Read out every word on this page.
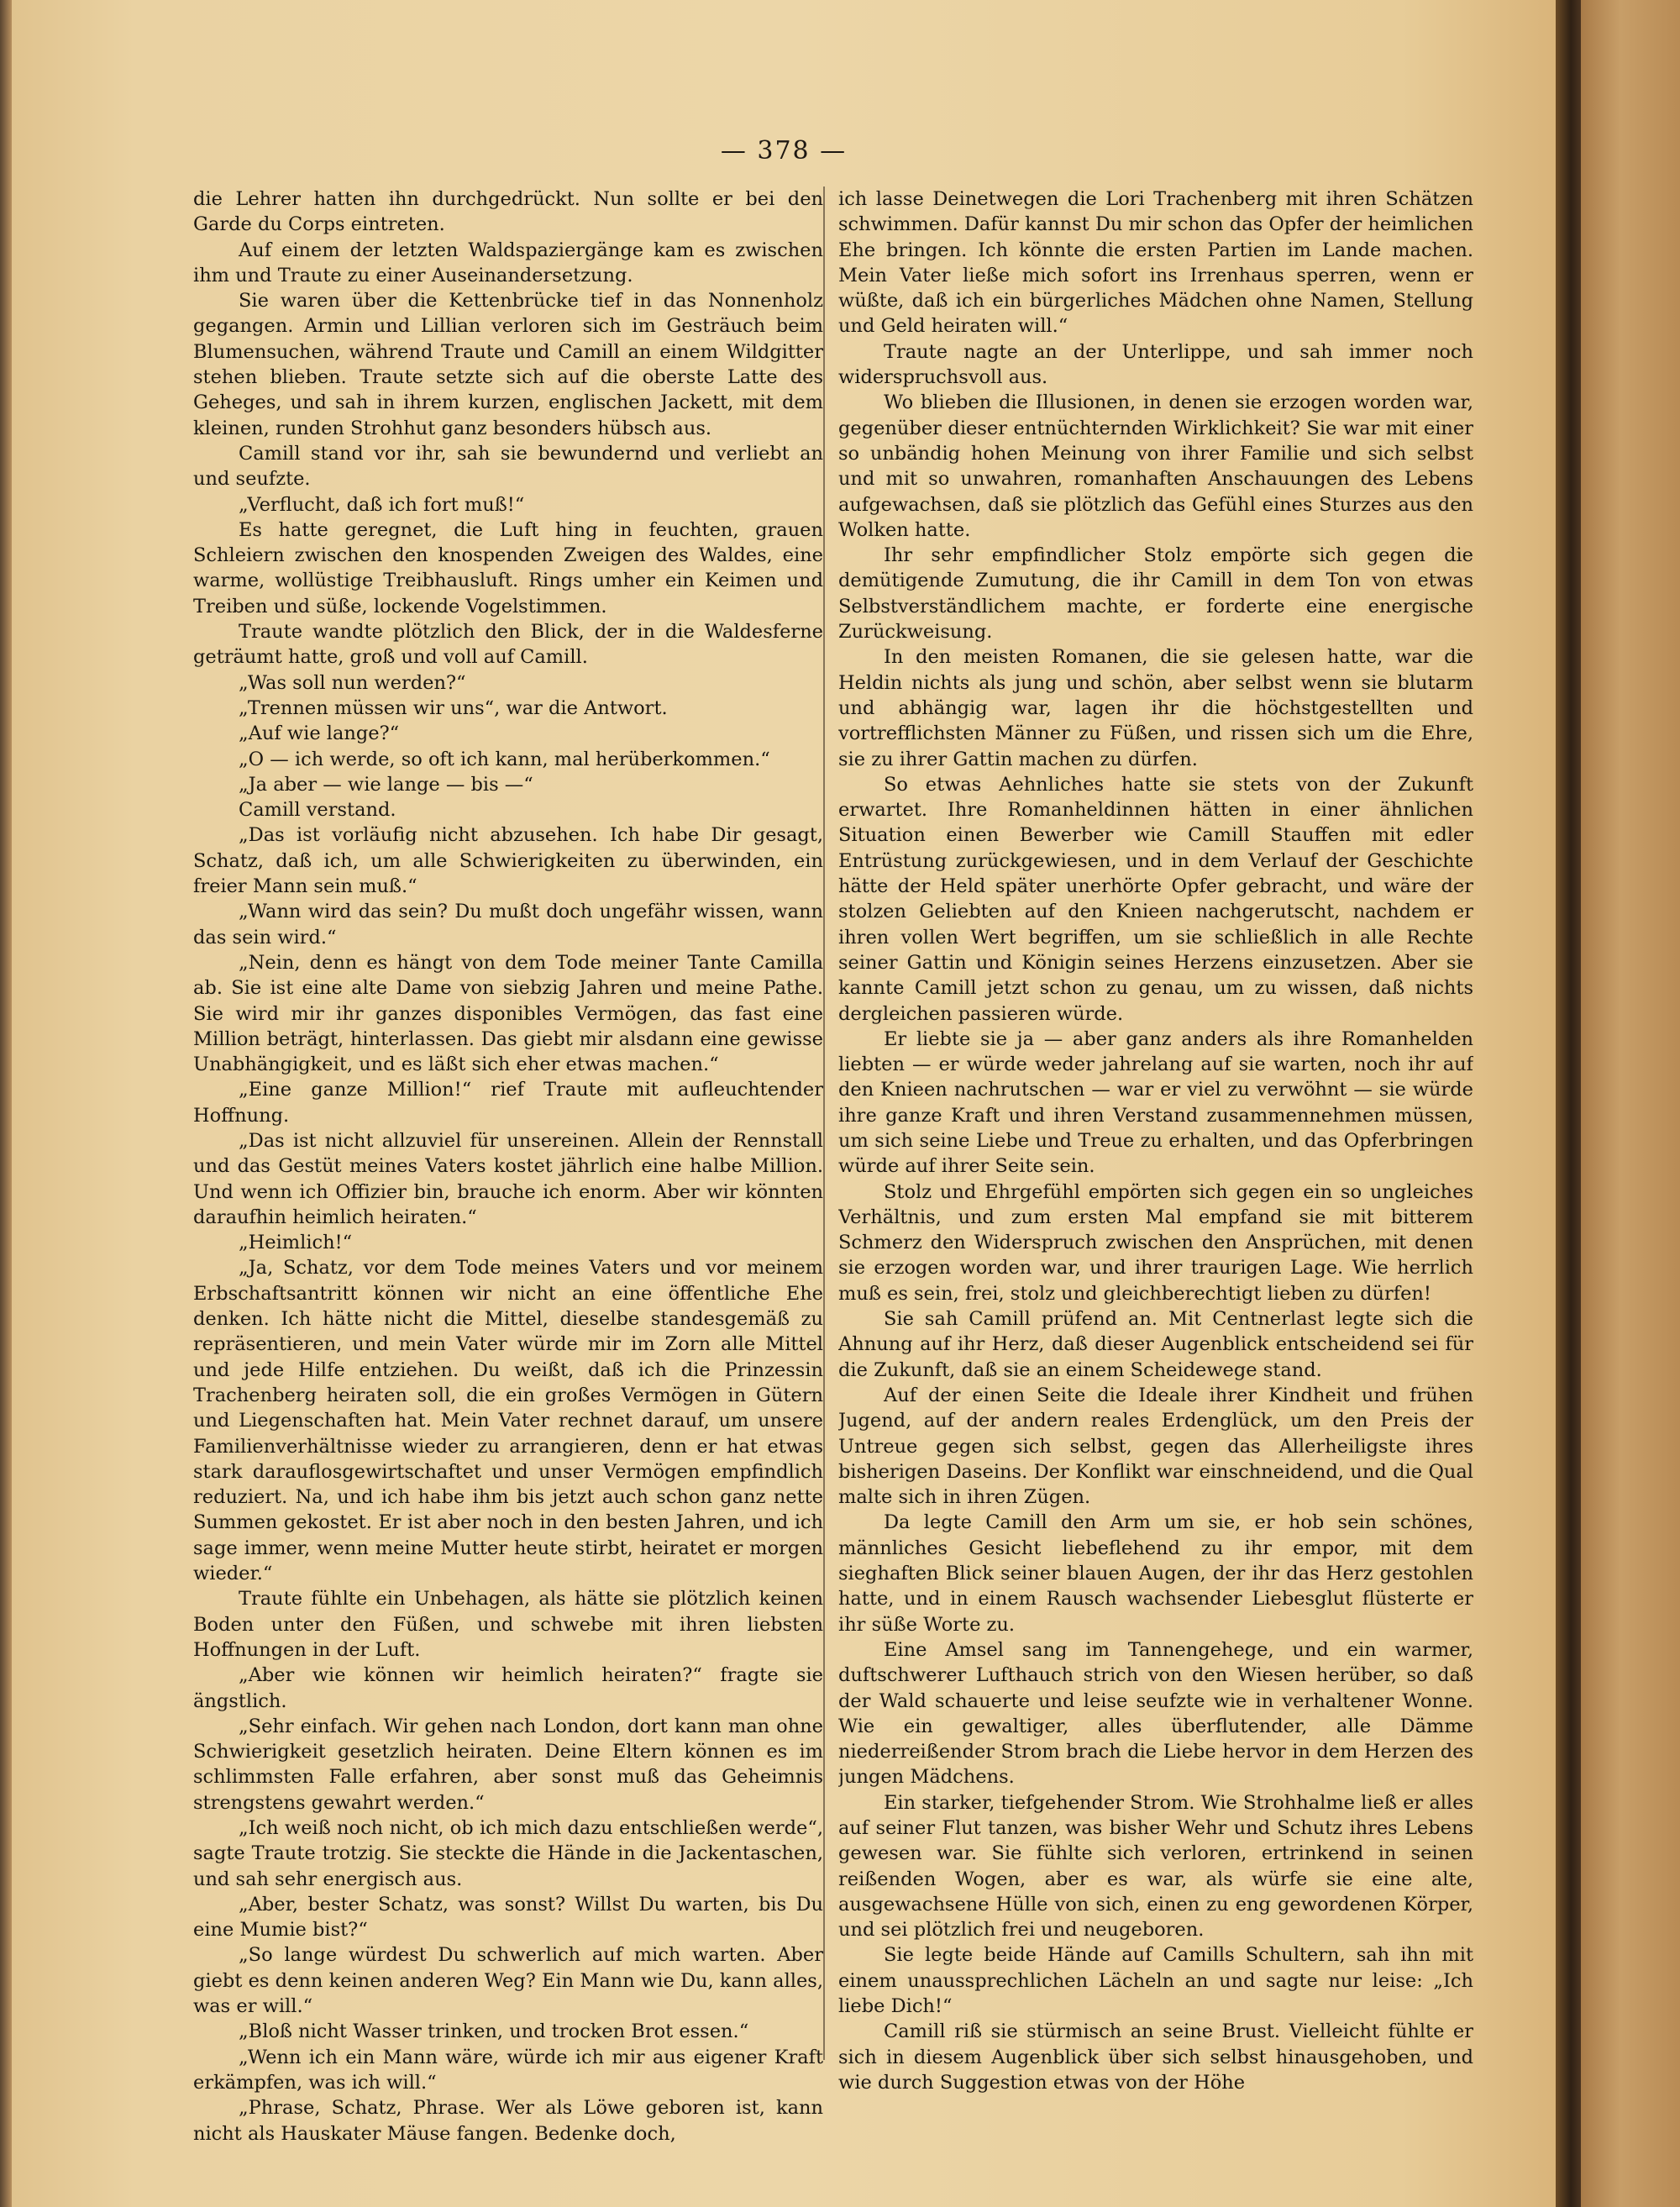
— 378 —

die Lehrer hatten ihn durchgedrückt. Nun sollte er bei den Garde du Corps eintreten.

Auf einem der letzten Waldspaziergänge kam es zwischen ihm und Traute zu einer Auseinandersetzung.

Sie waren über die Kettenbrücke tief in das Nonnenholz gegangen. Armin und Lillian verloren sich im Gesträuch beim Blumensuchen, während Traute und Camill an einem Wildgitter stehen blieben. Traute setzte sich auf die oberste Latte des Geheges, und sah in ihrem kurzen, englischen Jackett, mit dem kleinen, runden Strohhut ganz besonders hübsch aus.

Camill stand vor ihr, sah sie bewundernd und verliebt an und seufzte.

„Verflucht, daß ich fort muß!“

Es hatte geregnet, die Luft hing in feuchten, grauen Schleiern zwischen den knospenden Zweigen des Waldes, eine warme, wollüstige Treibhausluft. Rings umher ein Keimen und Treiben und süße, lockende Vogelstimmen.

Traute wandte plötzlich den Blick, der in die Waldesferne geträumt hatte, groß und voll auf Camill.

„Was soll nun werden?“

„Trennen müssen wir uns“, war die Antwort.

„Auf wie lange?“

„O — ich werde, so oft ich kann, mal herüberkommen.“

„Ja aber — wie lange — bis —“

Camill verstand.

„Das ist vorläufig nicht abzusehen. Ich habe Dir gesagt, Schatz, daß ich, um alle Schwierigkeiten zu überwinden, ein freier Mann sein muß.“

„Wann wird das sein? Du mußt doch ungefähr wissen, wann das sein wird.“

„Nein, denn es hängt von dem Tode meiner Tante Camilla ab. Sie ist eine alte Dame von siebzig Jahren und meine Pathe. Sie wird mir ihr ganzes disponibles Vermögen, das fast eine Million beträgt, hinterlassen. Das giebt mir alsdann eine gewisse Unabhängigkeit, und es läßt sich eher etwas machen.“

„Eine ganze Million!“ rief Traute mit aufleuchtender Hoffnung.

„Das ist nicht allzuviel für unsereinen. Allein der Rennstall und das Gestüt meines Vaters kostet jährlich eine halbe Million. Und wenn ich Offizier bin, brauche ich enorm. Aber wir könnten daraufhin heimlich heiraten.“

„Heimlich!“

„Ja, Schatz, vor dem Tode meines Vaters und vor meinem Erbschaftsantritt können wir nicht an eine öffentliche Ehe denken. Ich hätte nicht die Mittel, dieselbe standesgemäß zu repräsentieren, und mein Vater würde mir im Zorn alle Mittel und jede Hilfe entziehen. Du weißt, daß ich die Prinzessin Trachenberg heiraten soll, die ein großes Vermögen in Gütern und Liegenschaften hat. Mein Vater rechnet darauf, um unsere Familienverhältnisse wieder zu arrangieren, denn er hat etwas stark darauflosgewirtschaftet und unser Vermögen empfindlich reduziert. Na, und ich habe ihm bis jetzt auch schon ganz nette Summen gekostet. Er ist aber noch in den besten Jahren, und ich sage immer, wenn meine Mutter heute stirbt, heiratet er morgen wieder.“

Traute fühlte ein Unbehagen, als hätte sie plötzlich keinen Boden unter den Füßen, und schwebe mit ihren liebsten Hoffnungen in der Luft.

„Aber wie können wir heimlich heiraten?“ fragte sie ängstlich.

„Sehr einfach. Wir gehen nach London, dort kann man ohne Schwierigkeit gesetzlich heiraten. Deine Eltern können es im schlimmsten Falle erfahren, aber sonst muß das Geheimnis strengstens gewahrt werden.“

„Ich weiß noch nicht, ob ich mich dazu entschließen werde“, sagte Traute trotzig. Sie steckte die Hände in die Jackentaschen, und sah sehr energisch aus.

„Aber, bester Schatz, was sonst? Willst Du warten, bis Du eine Mumie bist?“

„So lange würdest Du schwerlich auf mich warten. Aber giebt es denn keinen anderen Weg? Ein Mann wie Du, kann alles, was er will.“

„Bloß nicht Wasser trinken, und trocken Brot essen.“

„Wenn ich ein Mann wäre, würde ich mir aus eigener Kraft erkämpfen, was ich will.“

„Phrase, Schatz, Phrase. Wer als Löwe geboren ist, kann nicht als Hauskater Mäuse fangen. Bedenke doch,

ich lasse Deinetwegen die Lori Trachenberg mit ihren Schätzen schwimmen. Dafür kannst Du mir schon das Opfer der heimlichen Ehe bringen. Ich könnte die ersten Partien im Lande machen. Mein Vater ließe mich sofort ins Irrenhaus sperren, wenn er wüßte, daß ich ein bürgerliches Mädchen ohne Namen, Stellung und Geld heiraten will.“

Traute nagte an der Unterlippe, und sah immer noch widerspruchsvoll aus.

Wo blieben die Illusionen, in denen sie erzogen worden war, gegenüber dieser entnüchternden Wirklichkeit? Sie war mit einer so unbändig hohen Meinung von ihrer Familie und sich selbst und mit so unwahren, romanhaften Anschauungen des Lebens aufgewachsen, daß sie plötzlich das Gefühl eines Sturzes aus den Wolken hatte.

Ihr sehr empfindlicher Stolz empörte sich gegen die demütigende Zumutung, die ihr Camill in dem Ton von etwas Selbstverständlichem machte, er forderte eine energische Zurückweisung.

In den meisten Romanen, die sie gelesen hatte, war die Heldin nichts als jung und schön, aber selbst wenn sie blutarm und abhängig war, lagen ihr die höchstgestellten und vortrefflichsten Männer zu Füßen, und rissen sich um die Ehre, sie zu ihrer Gattin machen zu dürfen.

So etwas Aehnliches hatte sie stets von der Zukunft erwartet. Ihre Romanheldinnen hätten in einer ähnlichen Situation einen Bewerber wie Camill Stauffen mit edler Entrüstung zurückgewiesen, und in dem Verlauf der Geschichte hätte der Held später unerhörte Opfer gebracht, und wäre der stolzen Geliebten auf den Knieen nachgerutscht, nachdem er ihren vollen Wert begriffen, um sie schließlich in alle Rechte seiner Gattin und Königin seines Herzens einzusetzen. Aber sie kannte Camill jetzt schon zu genau, um zu wissen, daß nichts dergleichen passieren würde.

Er liebte sie ja — aber ganz anders als ihre Romanhelden liebten — er würde weder jahrelang auf sie warten, noch ihr auf den Knieen nachrutschen — war er viel zu verwöhnt — sie würde ihre ganze Kraft und ihren Verstand zusammennehmen müssen, um sich seine Liebe und Treue zu erhalten, und das Opferbringen würde auf ihrer Seite sein.

Stolz und Ehrgefühl empörten sich gegen ein so ungleiches Verhältnis, und zum ersten Mal empfand sie mit bitterem Schmerz den Widerspruch zwischen den Ansprüchen, mit denen sie erzogen worden war, und ihrer traurigen Lage. Wie herrlich muß es sein, frei, stolz und gleichberechtigt lieben zu dürfen!

Sie sah Camill prüfend an. Mit Centnerlast legte sich die Ahnung auf ihr Herz, daß dieser Augenblick entscheidend sei für die Zukunft, daß sie an einem Scheidewege stand.

Auf der einen Seite die Ideale ihrer Kindheit und frühen Jugend, auf der andern reales Erdenglück, um den Preis der Untreue gegen sich selbst, gegen das Allerheiligste ihres bisherigen Daseins. Der Konflikt war einschneidend, und die Qual malte sich in ihren Zügen.

Da legte Camill den Arm um sie, er hob sein schönes, männliches Gesicht liebeflehend zu ihr empor, mit dem sieghaften Blick seiner blauen Augen, der ihr das Herz gestohlen hatte, und in einem Rausch wachsender Liebesglut flüsterte er ihr süße Worte zu.

Eine Amsel sang im Tannengehege, und ein warmer, duftschwerer Lufthauch strich von den Wiesen herüber, so daß der Wald schauerte und leise seufzte wie in verhaltener Wonne. Wie ein gewaltiger, alles überflutender, alle Dämme niederreißender Strom brach die Liebe hervor in dem Herzen des jungen Mädchens.

Ein starker, tiefgehender Strom. Wie Strohhalme ließ er alles auf seiner Flut tanzen, was bisher Wehr und Schutz ihres Lebens gewesen war. Sie fühlte sich verloren, ertrinkend in seinen reißenden Wogen, aber es war, als würfe sie eine alte, ausgewachsene Hülle von sich, einen zu eng gewordenen Körper, und sei plötzlich frei und neugeboren.

Sie legte beide Hände auf Camills Schultern, sah ihn mit einem unaussprechlichen Lächeln an und sagte nur leise: „Ich liebe Dich!“

Camill riß sie stürmisch an seine Brust. Vielleicht fühlte er sich in diesem Augenblick über sich selbst hinausgehoben, und wie durch Suggestion etwas von der Höhe
